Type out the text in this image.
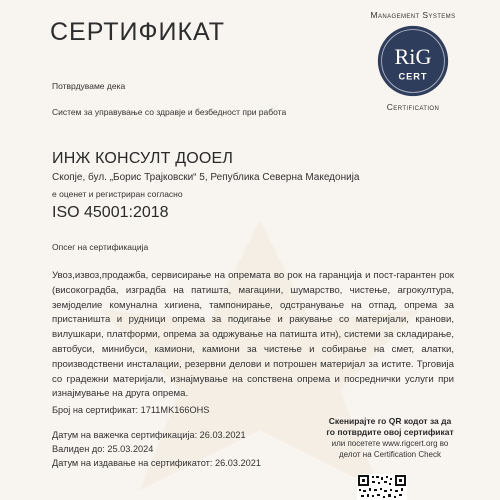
СЕРТИФИКАТ
Management Systems
RiG
CERT
Certification
Потврдуваме дека
Систем за управување со здравје и безбедност при работа
ИНЖ КОНСУЛТ ДООЕЛ
Скопје, бул. „Борис Трајковски“ 5, Република Северна Македонија
е оценет и регистриран согласно
ISO 45001:2018
Опсег на сертификација
Увоз,извоз,продажба, сервисирање на опремата во рок на гаранција и пост-гарантен рок (високоградба, изградба на патишта, магацини, шумарство, чистење, агрокултура, земјоделие комунална хигиена, тампонирање, одстранување на отпад, опрема за пристаништа и рудници опрема за подигање и ракување со материјали, кранови, вилушкари, платформи, опрема за одржување на патишта итн), системи за складирање, автобуси, минибуси, камиони, камиони за чистење и собирање на смет, алатки, производствени инсталации, резервни делови и потрошен материјал за истите. Трговија со градежни материјали, изнајмување на сопствена опрема и посреднички услуги при изнајмување на друга опрема.
Број на сертификат: 1711MK166OHS
Датум на важечка сертификација: 26.03.2021
Валиден до: 25.03.2024
Датум на издавање на сертификатот: 26.03.2021
Скенирајте го QR кодот за да
го потврдите овој сертификат
или посетете www.rigcert.org во
делот на Certification Check
